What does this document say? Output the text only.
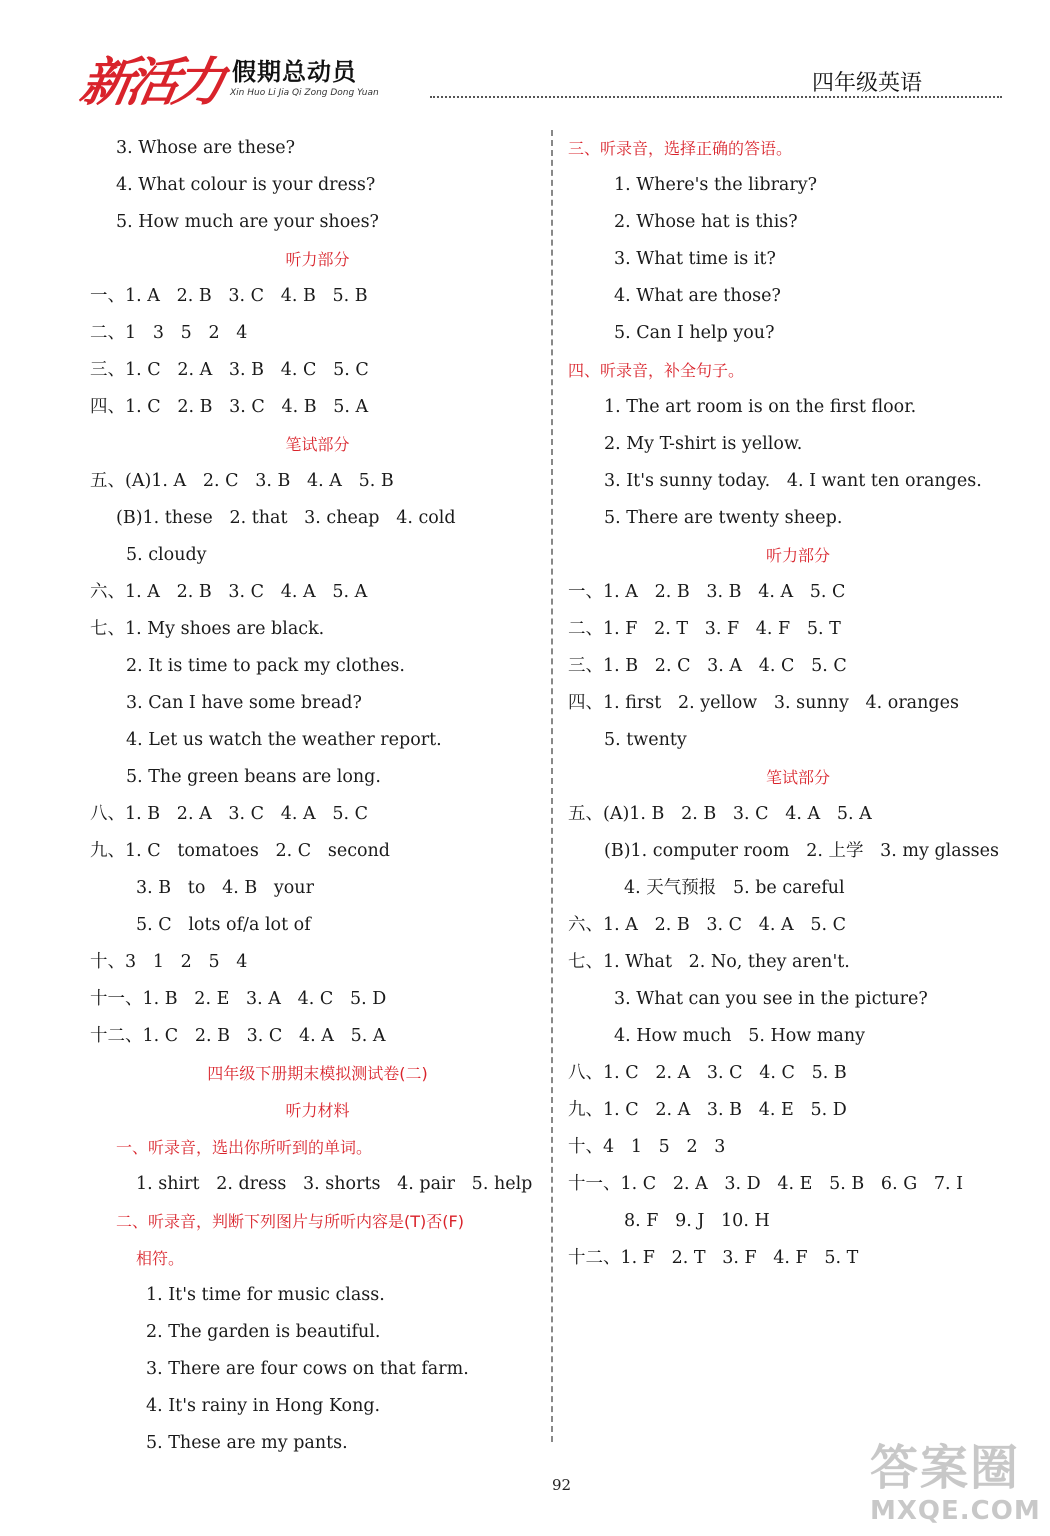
新活力 假期总动员
Xin Huo Li Jia Qi Zong Dong Yuan	四年级英语
3. Whose are these?
4. What colour is your dress?
5. How much are your shoes?
听力部分
一、1. A   2. B   3. C   4. B   5. B
二、1   3   5   2   4
三、1. C   2. A   3. B   4. C   5. C
四、1. C   2. B   3. C   4. B   5. A
笔试部分
五、(A)1. A   2. C   3. B   4. A   5. B
(B)1. these   2. that   3. cheap   4. cold
5. cloudy
六、1. A   2. B   3. C   4. A   5. A
七、1. My shoes are black.
2. It is time to pack my clothes.
3. Can I have some bread?
4. Let us watch the weather report.
5. The green beans are long.
八、1. B   2. A   3. C   4. A   5. C
九、1. C   tomatoes   2. C   second
3. B   to   4. B   your
5. C   lots of/a lot of
十、3   1   2   5   4
十一、1. B   2. E   3. A   4. C   5. D
十二、1. C   2. B   3. C   4. A   5. A
四年级下册期末模拟测试卷(二)
听力材料
一、听录音，选出你所听到的单词。
1. shirt   2. dress   3. shorts   4. pair   5. help
二、听录音，判断下列图片与所听内容是(T)否(F)
相符。
1. It's time for music class.
2. The garden is beautiful.
3. There are four cows on that farm.
4. It's rainy in Hong Kong.
5. These are my pants.
三、听录音，选择正确的答语。
1. Where's the library?
2. Whose hat is this?
3. What time is it?
4. What are those?
5. Can I help you?
四、听录音，补全句子。
1. The art room is on the first floor.
2. My T-shirt is yellow.
3. It's sunny today.   4. I want ten oranges.
5. There are twenty sheep.
听力部分
一、1. A   2. B   3. B   4. A   5. C
二、1. F   2. T   3. F   4. F   5. T
三、1. B   2. C   3. A   4. C   5. C
四、1. first   2. yellow   3. sunny   4. oranges
5. twenty
笔试部分
五、(A)1. B   2. B   3. C   4. A   5. A
(B)1. computer room   2. 上学   3. my glasses
4. 天气预报   5. be careful
六、1. A   2. B   3. C   4. A   5. C
七、1. What   2. No, they aren't.
3. What can you see in the picture?
4. How much   5. How many
八、1. C   2. A   3. C   4. C   5. B
九、1. C   2. A   3. B   4. E   5. D
十、4   1   5   2   3
十一、1. C   2. A   3. D   4. E   5. B   6. G   7. I
8. F   9. J   10. H
十二、1. F   2. T   3. F   4. F   5. T
92	答案圈
MXQE.COM
